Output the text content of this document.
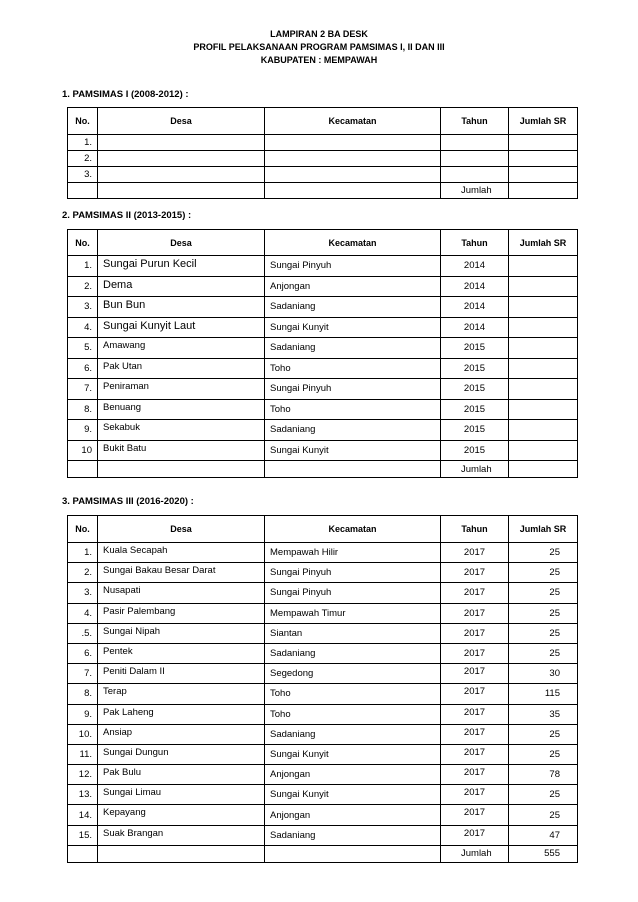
LAMPIRAN 2 BA DESK
PROFIL PELAKSANAAN PROGRAM PAMSIMAS I, II DAN III
KABUPATEN : MEMPAWAH
1. PAMSIMAS I (2008-2012) :
No.	Desa	Kecamatan	Tahun	Jumlah SR
1.				
2.				
3.				
			Jumlah	
2. PAMSIMAS II (2013-2015) :
No.	Desa	Kecamatan	Tahun	Jumlah SR
1.	Sungai Purun Kecil	Sungai Pinyuh	2014	
2.	Dema	Anjongan	2014	
3.	Bun Bun	Sadaniang	2014	
4.	Sungai Kunyit Laut	Sungai Kunyit	2014	
5.	Amawang	Sadaniang	2015	
6.	Pak Utan	Toho	2015	
7.	Peniraman	Sungai Pinyuh	2015	
8.	Benuang	Toho	2015	
9.	Sekabuk	Sadaniang	2015	
10	Bukit Batu	Sungai Kunyit	2015	
			Jumlah	
3. PAMSIMAS III (2016-2020) :
No.	Desa	Kecamatan	Tahun	Jumlah SR
1.	Kuala Secapah	Mempawah Hilir	2017	25
2.	Sungai Bakau Besar Darat	Sungai Pinyuh	2017	25
3.	Nusapati	Sungai Pinyuh	2017	25
4.	Pasir Palembang	Mempawah Timur	2017	25
.5.	Sungai Nipah	Siantan	2017	25
6.	Pentek	Sadaniang	2017	25
7.	Peniti Dalam II	Segedong	2017	30
8.	Terap	Toho	2017	115
9.	Pak Laheng	Toho	2017	35
10.	Ansiap	Sadaniang	2017	25
11.	Sungai Dungun	Sungai Kunyit	2017	25
12.	Pak Bulu	Anjongan	2017	78
13.	Sungai Limau	Sungai Kunyit	2017	25
14.	Kepayang	Anjongan	2017	25
15.	Suak Brangan	Sadaniang	2017	47
			Jumlah	555
